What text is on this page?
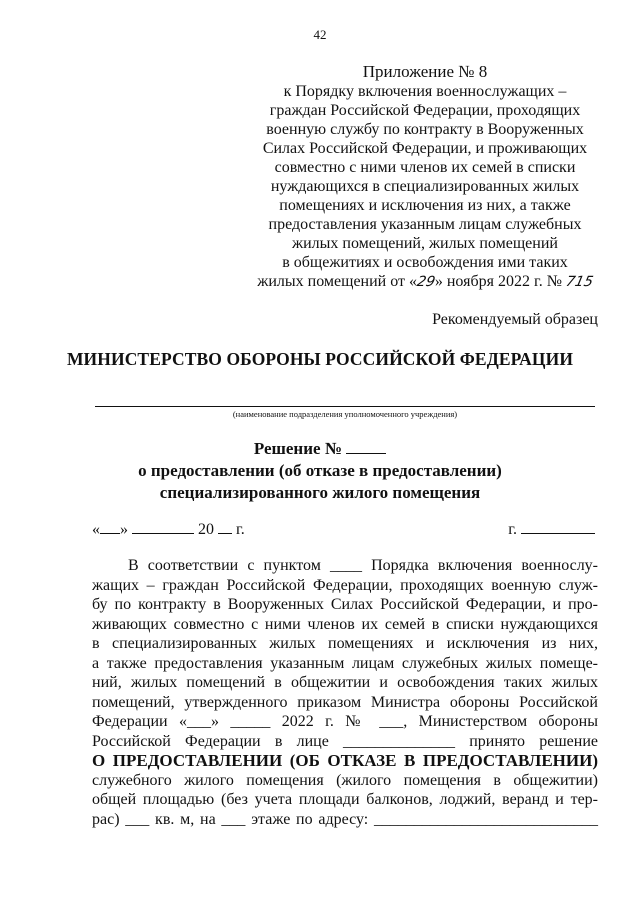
42
Приложение № 8
к Порядку включения военнослужащих –
граждан Российской Федерации, проходящих
военную службу по контракту в Вооруженных
Силах Российской Федерации, и проживающих
совместно с ними членов их семей в списки
нуждающихся в специализированных жилых
помещениях и исключения из них, а также
предоставления указанным лицам служебных
жилых помещений, жилых помещений
в общежитиях и освобождения ими таких
жилых помещений от «29» ноября 2022 г. № 715
Рекомендуемый образец
МИНИСТЕРСТВО ОБОРОНЫ РОССИЙСКОЙ ФЕДЕРАЦИИ
(наименование подразделения уполномоченного учреждения)
Решение №
о предоставлении (об отказе в предоставлении)
специализированного жилого помещения
« »	20 г.	г.
В соответствии с пунктом ____ Порядка включения военнослу-
жащих – граждан Российской Федерации, проходящих военную служ-
бу по контракту в Вооруженных Силах Российской Федерации, и про-
живающих совместно с ними членов их семей в списки нуждающихся
в специализированных жилых помещениях и исключения из них,
а также предоставления указанным лицам служебных жилых помеще-
ний, жилых помещений в общежитии и освобождения таких жилых
помещений, утвержденного приказом Министра обороны Российской
Федерации «___» _____ 2022 г. № ___, Министерством обороны
Российской Федерации в лице ______________ принято решение
О ПРЕДОСТАВЛЕНИИ (ОБ ОТКАЗЕ В ПРЕДОСТАВЛЕНИИ)
служебного жилого помещения (жилого помещения в общежитии)
общей площадью (без учета площади балконов, лоджий, веранд и тер-
рас) ___ кв. м, на ___ этаже по адресу: ____________________________
